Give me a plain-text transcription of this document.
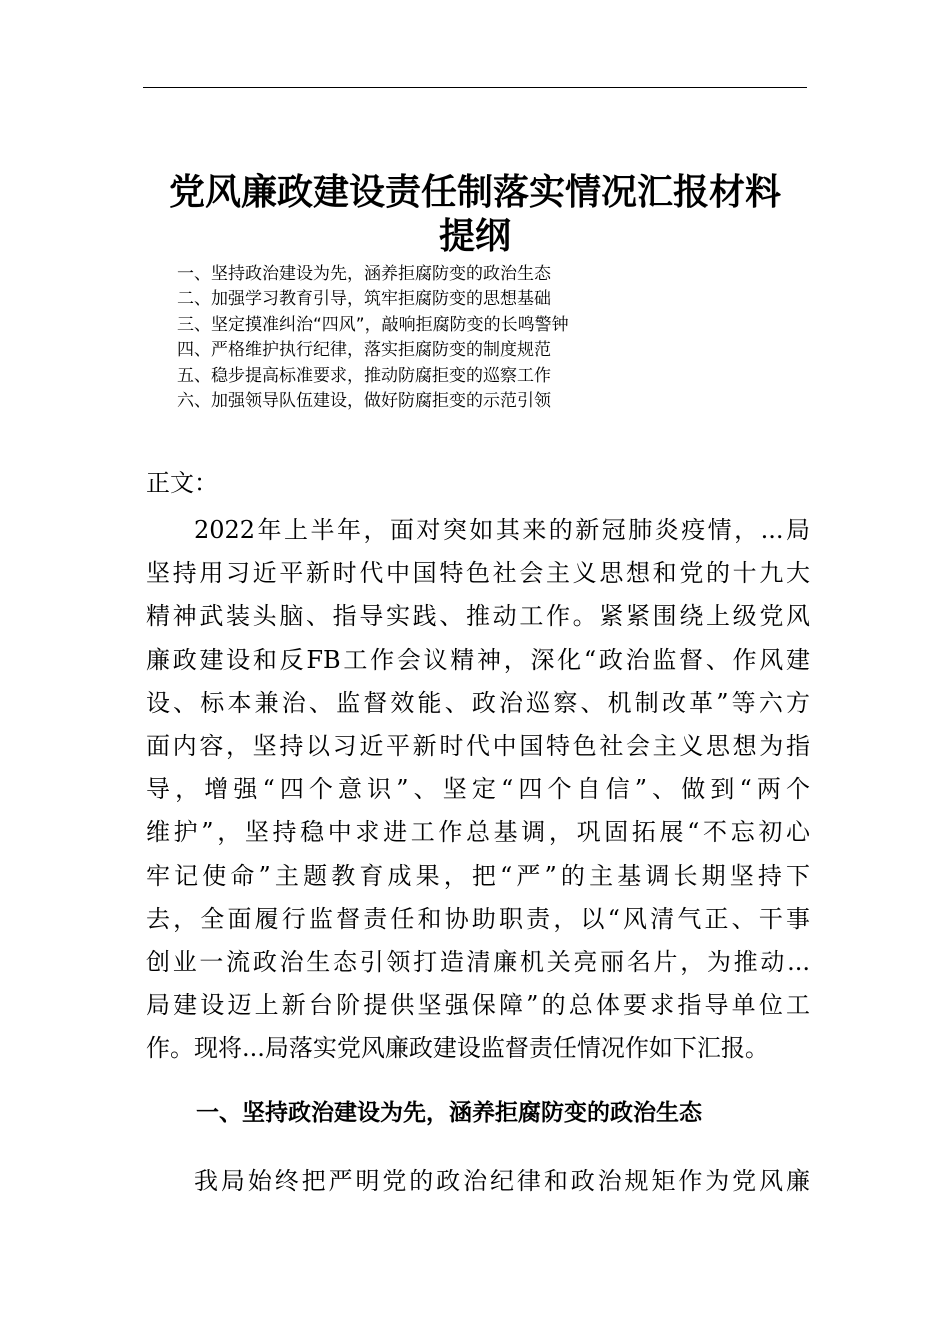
党风廉政建设责任制落实情况汇报材料
提纲
一、坚持政治建设为先，涵养拒腐防变的政治生态
二、加强学习教育引导，筑牢拒腐防变的思想基础
三、坚定摸准纠治“四风”，敲响拒腐防变的长鸣警钟
四、严格维护执行纪律，落实拒腐防变的制度规范
五、稳步提高标准要求，推动防腐拒变的巡察工作
六、加强领导队伍建设，做好防腐拒变的示范引领
正文：
2022年上半年，面对突如其来的新冠肺炎疫情，...局
坚持用习近平新时代中国特色社会主义思想和党的十九大
精神武装头脑、指导实践、推动工作。紧紧围绕上级党风
廉政建设和反FB工作会议精神，深化“政治监督、作风建
设、标本兼治、监督效能、政治巡察、机制改革”等六方
面内容，坚持以习近平新时代中国特色社会主义思想为指
导，增强“四个意识”、坚定“四个自信”、做到“两个
维护”，坚持稳中求进工作总基调，巩固拓展“不忘初心
牢记使命”主题教育成果，把“严”的主基调长期坚持下
去，全面履行监督责任和协助职责，以“风清气正、干事
创业一流政治生态引领打造清廉机关亮丽名片，为推动...
局建设迈上新台阶提供坚强保障”的总体要求指导单位工
作。现将...局落实党风廉政建设监督责任情况作如下汇报。
一、坚持政治建设为先，涵养拒腐防变的政治生态
我局始终把严明党的政治纪律和政治规矩作为党风廉
